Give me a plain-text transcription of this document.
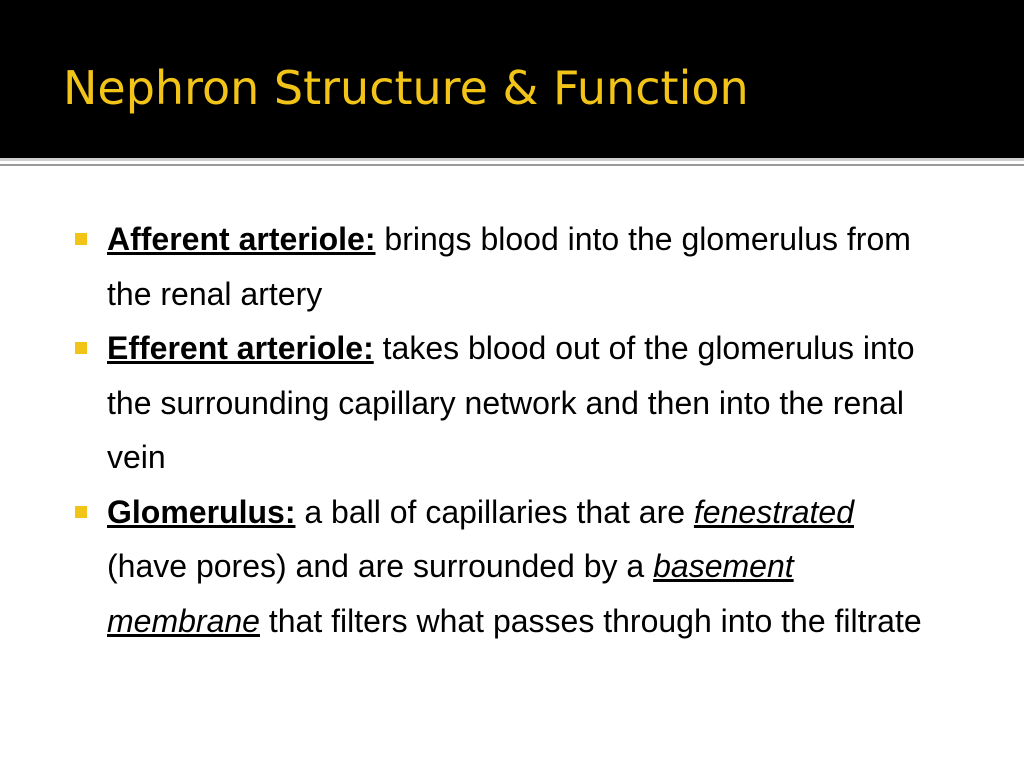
Nephron Structure & Function
Afferent arteriole: brings blood into the glomerulus from the renal artery
Efferent arteriole: takes blood out of the glomerulus into the surrounding capillary network and then into the renal vein
Glomerulus: a ball of capillaries that are fenestrated (have pores) and are surrounded by a basement membrane that filters what passes through into the filtrate
